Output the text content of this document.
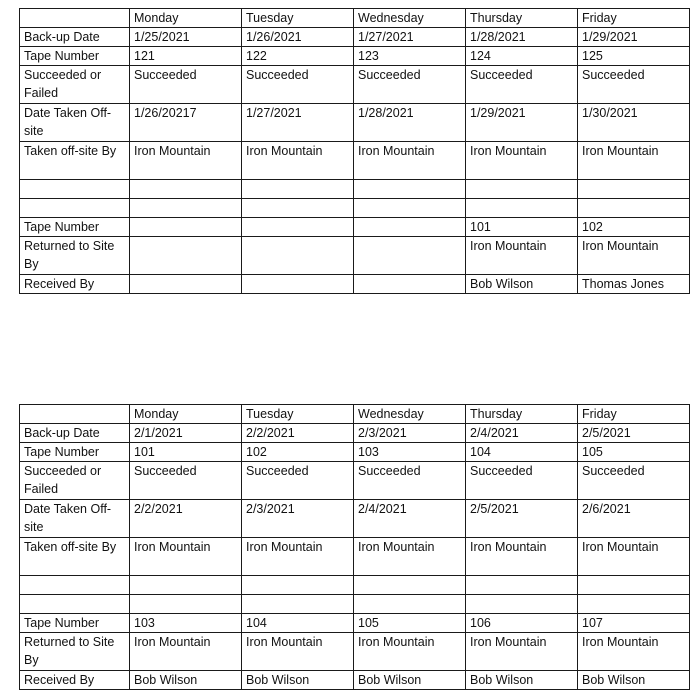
	Monday	Tuesday	Wednesday	Thursday	Friday
Back-up Date	1/25/2021	1/26/2021	1/27/2021	1/28/2021	1/29/2021
Tape Number	121	122	123	124	125
Succeeded or Failed	Succeeded	Succeeded	Succeeded	Succeeded	Succeeded
Date Taken Off-site	1/26/20217	1/27/2021	1/28/2021	1/29/2021	1/30/2021
Taken off-site By	Iron Mountain	Iron Mountain	Iron Mountain	Iron Mountain	Iron Mountain

Tape Number				101	102
Returned to Site By				Iron Mountain	Iron Mountain
Received By				Bob Wilson	Thomas Jones
	Monday	Tuesday	Wednesday	Thursday	Friday
Back-up Date	2/1/2021	2/2/2021	2/3/2021	2/4/2021	2/5/2021
Tape Number	101	102	103	104	105
Succeeded or Failed	Succeeded	Succeeded	Succeeded	Succeeded	Succeeded
Date Taken Off-site	2/2/2021	2/3/2021	2/4/2021	2/5/2021	2/6/2021
Taken off-site By	Iron Mountain	Iron Mountain	Iron Mountain	Iron Mountain	Iron Mountain

Tape Number	103	104	105	106	107
Returned to Site By	Iron Mountain	Iron Mountain	Iron Mountain	Iron Mountain	Iron Mountain
Received By	Bob Wilson	Bob Wilson	Bob Wilson	Bob Wilson	Bob Wilson
